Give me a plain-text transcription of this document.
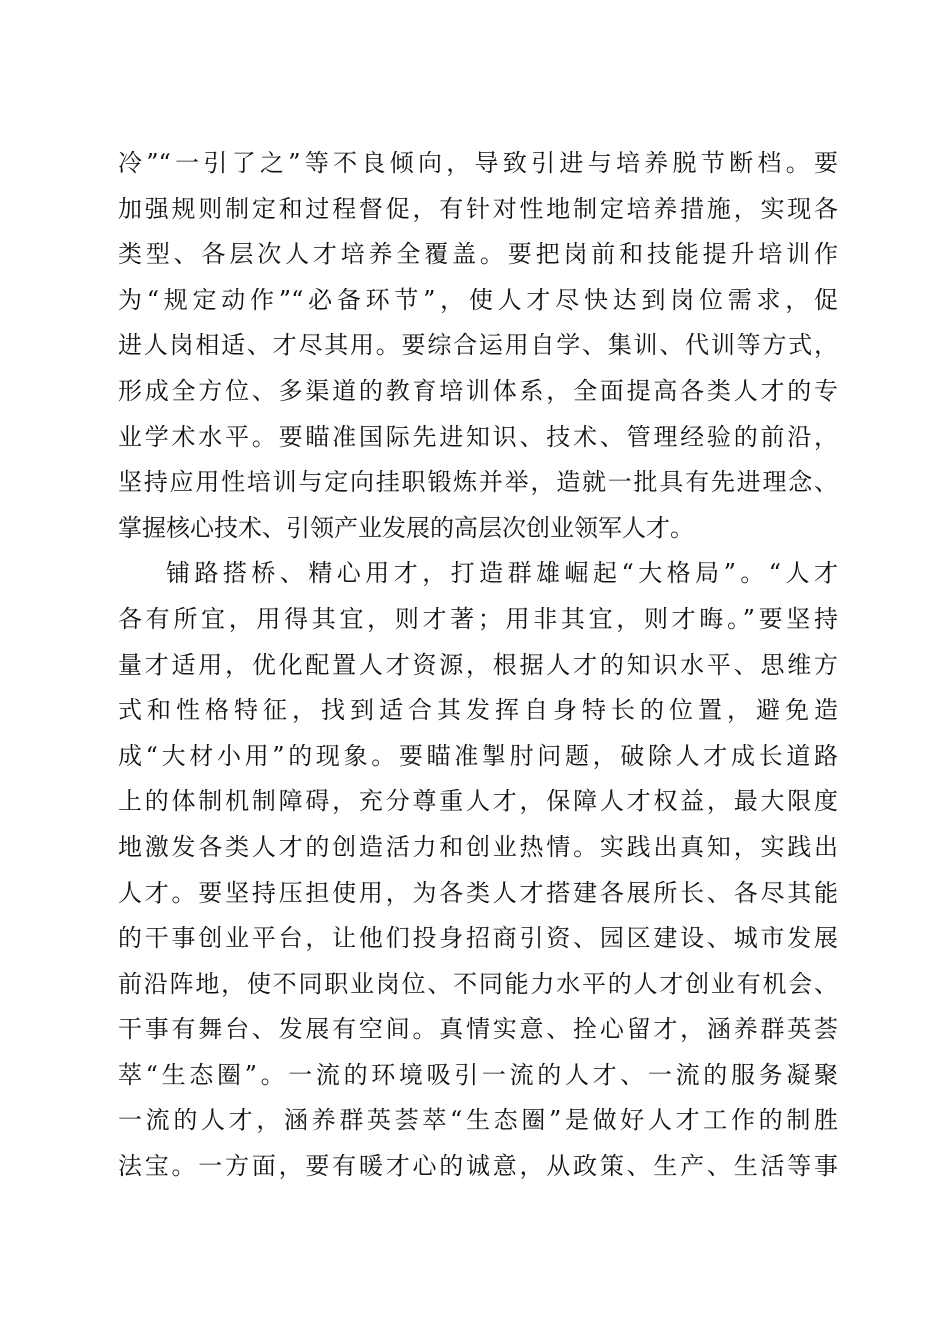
冷”“一引了之”等不良倾向，导致引进与培养脱节断档。要
加强规则制定和过程督促，有针对性地制定培养措施，实现各
类型、各层次人才培养全覆盖。要把岗前和技能提升培训作
为“规定动作”“必备环节”，使人才尽快达到岗位需求，促
进人岗相适、才尽其用。要综合运用自学、集训、代训等方式，
形成全方位、多渠道的教育培训体系，全面提高各类人才的专
业学术水平。要瞄准国际先进知识、技术、管理经验的前沿，
坚持应用性培训与定向挂职锻炼并举，造就一批具有先进理念、
掌握核心技术、引领产业发展的高层次创业领军人才。
铺路搭桥、精心用才，打造群雄崛起“大格局”。“人才
各有所宜，用得其宜，则才著；用非其宜，则才晦。”要坚持
量才适用，优化配置人才资源，根据人才的知识水平、思维方
式和性格特征，找到适合其发挥自身特长的位置，避免造
成“大材小用”的现象。要瞄准掣肘问题，破除人才成长道路
上的体制机制障碍，充分尊重人才，保障人才权益，最大限度
地激发各类人才的创造活力和创业热情。实践出真知，实践出
人才。要坚持压担使用，为各类人才搭建各展所长、各尽其能
的干事创业平台，让他们投身招商引资、园区建设、城市发展
前沿阵地，使不同职业岗位、不同能力水平的人才创业有机会、
干事有舞台、发展有空间。真情实意、拴心留才，涵养群英荟
萃“生态圈”。一流的环境吸引一流的人才、一流的服务凝聚
一流的人才，涵养群英荟萃“生态圈”是做好人才工作的制胜
法宝。一方面，要有暖才心的诚意，从政策、生产、生活等事
